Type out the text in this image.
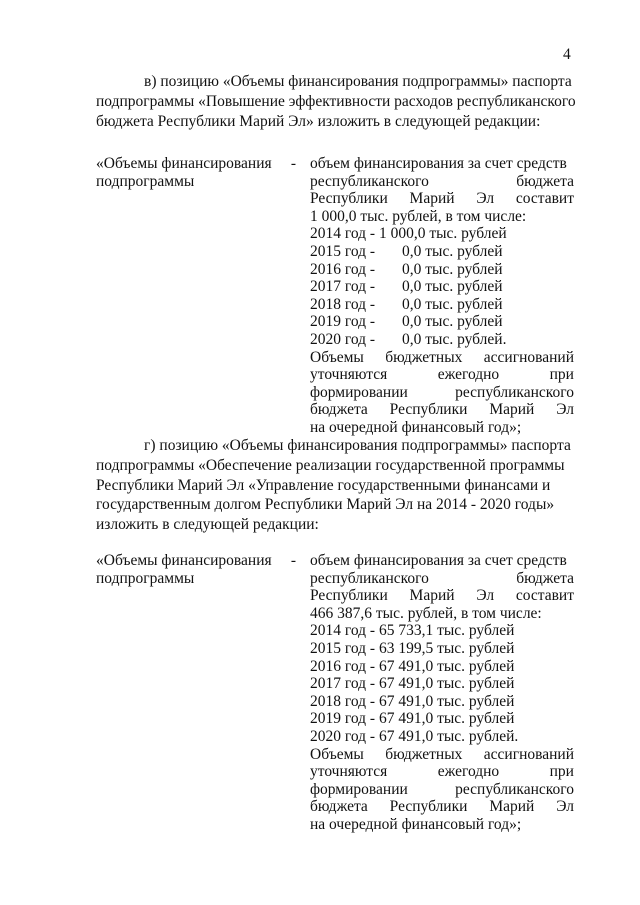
4
в) позицию «Объемы финансирования подпрограммы» паспорта
подпрограммы «Повышение эффективности расходов республиканского
бюджета Республики Марий Эл» изложить в следующей редакции:
«Объемы финансирования -
подпрограммы
объем финансирования за счет средств
республиканского	бюджета
Республики Марий Эл составит
1 000,0 тыс. рублей, в том числе:
2014 год - 1 000,0 тыс. рублей
2015 год -	0,0 тыс. рублей
2016 год -	0,0 тыс. рублей
2017 год -	0,0 тыс. рублей
2018 год -	0,0 тыс. рублей
2019 год -	0,0 тыс. рублей
2020 год -	0,0 тыс. рублей.
Объемы бюджетных ассигнований
уточняются	ежегодно	при
формировании	республиканского
бюджета Республики Марий Эл
на очередной финансовый год»;
г) позицию «Объемы финансирования подпрограммы» паспорта
подпрограммы «Обеспечение реализации государственной программы
Республики Марий Эл «Управление государственными финансами и
государственным долгом Республики Марий Эл на 2014 - 2020 годы»
изложить в следующей редакции:
«Объемы финансирования -
подпрограммы
объем финансирования за счет средств
республиканского	бюджета
Республики Марий Эл составит
466 387,6 тыс. рублей, в том числе:
2014 год - 65 733,1 тыс. рублей
2015 год - 63 199,5 тыс. рублей
2016 год - 67 491,0 тыс. рублей
2017 год - 67 491,0 тыс. рублей
2018 год - 67 491,0 тыс. рублей
2019 год - 67 491,0 тыс. рублей
2020 год - 67 491,0 тыс. рублей.
Объемы бюджетных ассигнований
уточняются	ежегодно	при
формировании	республиканского
бюджета Республики Марий Эл
на очередной финансовый год»;
